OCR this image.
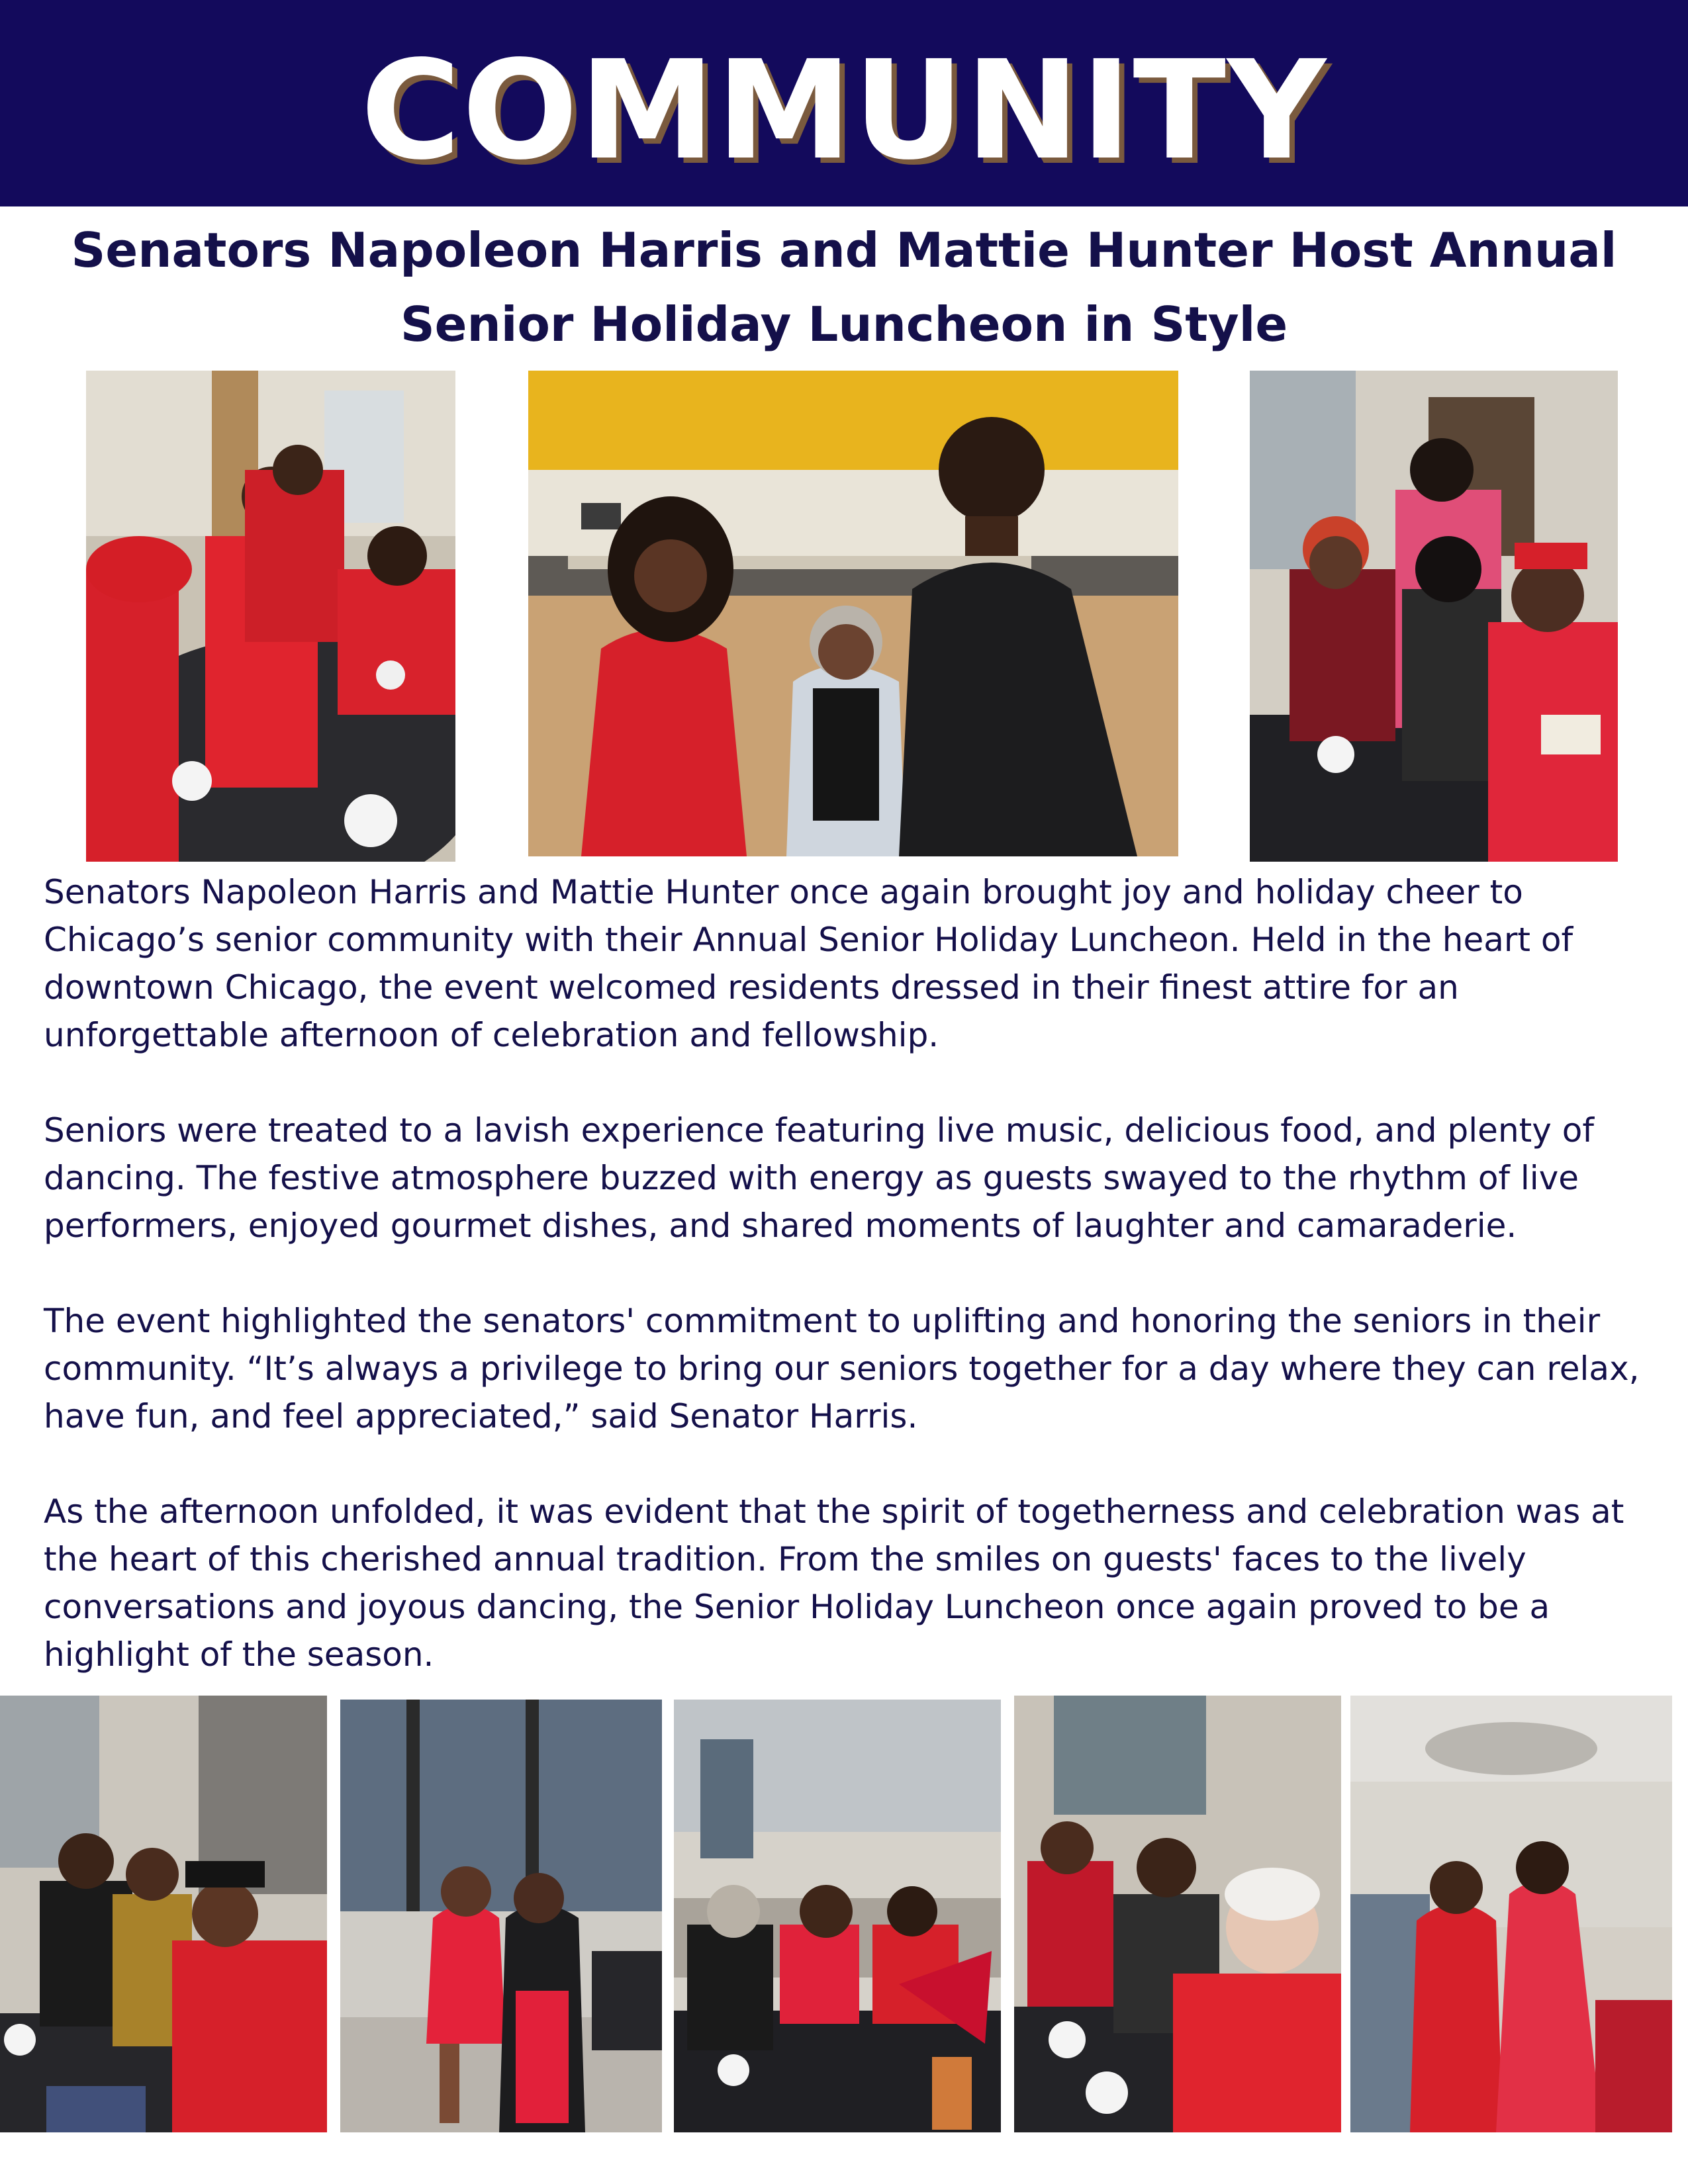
COMMUNITY
Senators Napoleon Harris and Mattie Hunter Host Annual
Senior Holiday Luncheon in Style

Senators Napoleon Harris and Mattie Hunter once again brought joy and holiday cheer to Chicago’s senior community with their Annual Senior Holiday Luncheon. Held in the heart of downtown Chicago, the event welcomed residents dressed in their finest attire for an unforgettable afternoon of celebration and fellowship.

Seniors were treated to a lavish experience featuring live music, delicious food, and plenty of dancing. The festive atmosphere buzzed with energy as guests swayed to the rhythm of live performers, enjoyed gourmet dishes, and shared moments of laughter and camaraderie.

The event highlighted the senators' commitment to uplifting and honoring the seniors in their community. “It’s always a privilege to bring our seniors together for a day where they can relax, have fun, and feel appreciated,” said Senator Harris.

As the afternoon unfolded, it was evident that the spirit of togetherness and celebration was at the heart of this cherished annual tradition. From the smiles on guests' faces to the lively conversations and joyous dancing, the Senior Holiday Luncheon once again proved to be a highlight of the season.
